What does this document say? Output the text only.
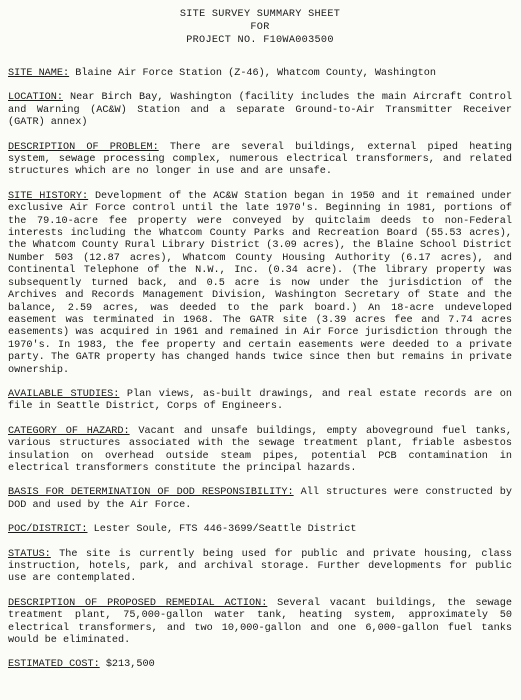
SITE SURVEY SUMMARY SHEET
FOR
PROJECT NO. F10WA003500
SITE NAME: Blaine Air Force Station (Z-46), Whatcom County, Washington
LOCATION: Near Birch Bay, Washington (facility includes the main Aircraft Control and Warning (AC&W) Station and a separate Ground-to-Air Transmitter Receiver (GATR) annex)
DESCRIPTION OF PROBLEM: There are several buildings, external piped heating system, sewage processing complex, numerous electrical transformers, and related structures which are no longer in use and are unsafe.
SITE HISTORY: Development of the AC&W Station began in 1950 and it remained under exclusive Air Force control until the late 1970's. Beginning in 1981, portions of the 79.10-acre fee property were conveyed by quitclaim deeds to non-Federal interests including the Whatcom County Parks and Recreation Board (55.53 acres), the Whatcom County Rural Library District (3.09 acres), the Blaine School District Number 503 (12.87 acres), Whatcom County Housing Authority (6.17 acres), and Continental Telephone of the N.W., Inc. (0.34 acre). (The library property was subsequently turned back, and 0.5 acre is now under the jurisdiction of the Archives and Records Management Division, Washington Secretary of State and the balance, 2.59 acres, was deeded to the park board.) An 18-acre undeveloped easement was terminated in 1968. The GATR site (3.39 acres fee and 7.74 acres easements) was acquired in 1961 and remained in Air Force jurisdiction through the 1970's. In 1983, the fee property and certain easements were deeded to a private party. The GATR property has changed hands twice since then but remains in private ownership.
AVAILABLE STUDIES: Plan views, as-built drawings, and real estate records are on file in Seattle District, Corps of Engineers.
CATEGORY OF HAZARD: Vacant and unsafe buildings, empty aboveground fuel tanks, various structures associated with the sewage treatment plant, friable asbestos insulation on overhead outside steam pipes, potential PCB contamination in electrical transformers constitute the principal hazards.
BASIS FOR DETERMINATION OF DOD RESPONSIBILITY: All structures were constructed by DOD and used by the Air Force.
POC/DISTRICT: Lester Soule, FTS 446-3699/Seattle District
STATUS: The site is currently being used for public and private housing, class instruction, hotels, park, and archival storage. Further developments for public use are contemplated.
DESCRIPTION OF PROPOSED REMEDIAL ACTION: Several vacant buildings, the sewage treatment plant, 75,000-gallon water tank, heating system, approximately 50 electrical transformers, and two 10,000-gallon and one 6,000-gallon fuel tanks would be eliminated.
ESTIMATED COST: $213,500
